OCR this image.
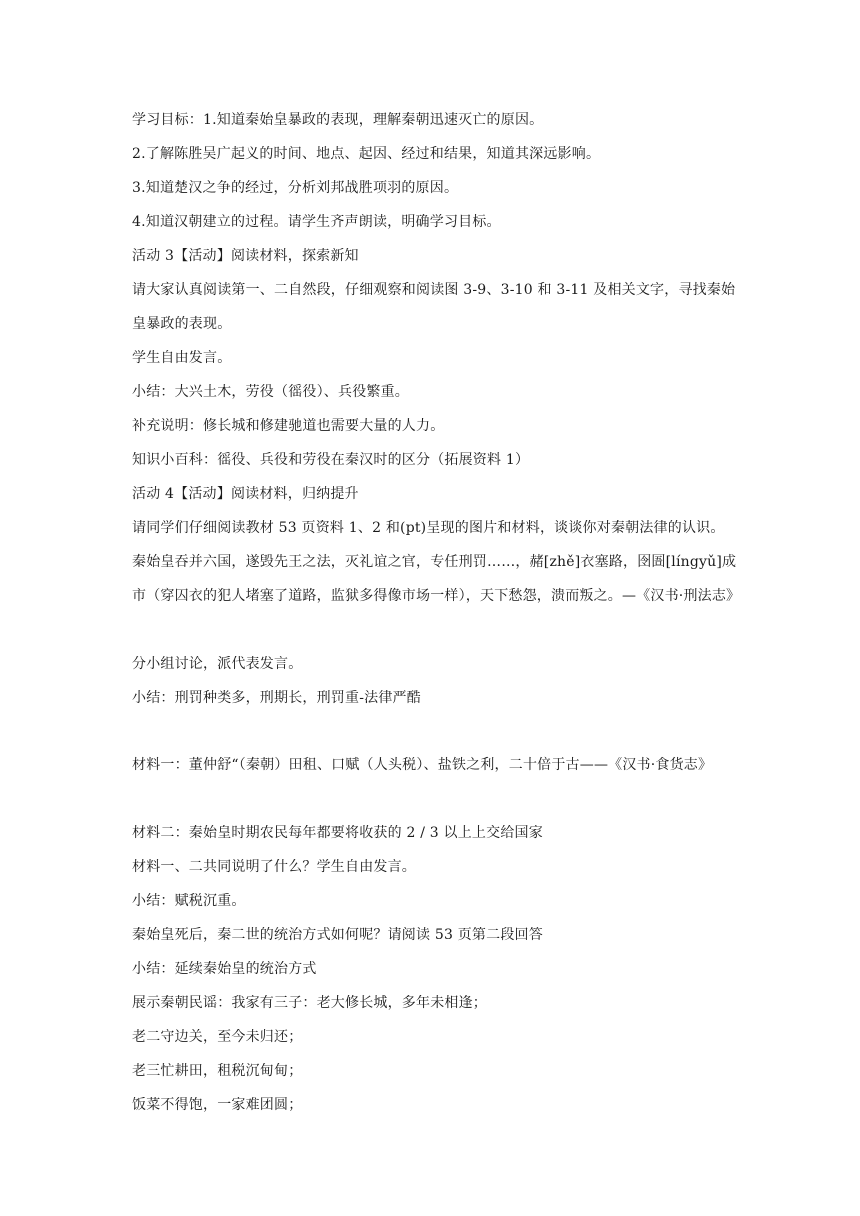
学习目标：1.知道秦始皇暴政的表现，理解秦朝迅速灭亡的原因。
2.了解陈胜吴广起义的时间、地点、起因、经过和结果，知道其深远影响。
3.知道楚汉之争的经过，分析刘邦战胜项羽的原因。
4.知道汉朝建立的过程。请学生齐声朗读，明确学习目标。
活动 3【活动】阅读材料，探索新知
请大家认真阅读第一、二自然段，仔细观察和阅读图 3-9、3-10 和 3-11 及相关文字，寻找秦始皇暴政的表现。
学生自由发言。
小结：大兴土木，劳役（徭役）、兵役繁重。
补充说明：修长城和修建驰道也需要大量的人力。
知识小百科：徭役、兵役和劳役在秦汉时的区分（拓展资料 1）
活动 4【活动】阅读材料，归纳提升
请同学们仔细阅读教材 53 页资料 1、2 和(pt)呈现的图片和材料，谈谈你对秦朝法律的认识。
秦始皇吞并六国，遂毁先王之法，灭礼谊之官，专任刑罚……，赭[zhě]衣塞路，囹圄[língyǔ]成市（穿囚衣的犯人堵塞了道路，监狱多得像市场一样），天下愁怨，溃而叛之。—《汉书·刑法志》
分小组讨论，派代表发言。
小结：刑罚种类多，刑期长，刑罚重-法律严酷
材料一：董仲舒“（秦朝）田租、口赋（人头税）、盐铁之利，二十倍于古——《汉书·食货志》
材料二：秦始皇时期农民每年都要将收获的 2 / 3 以上上交给国家
材料一、二共同说明了什么？学生自由发言。
小结：赋税沉重。
秦始皇死后，秦二世的统治方式如何呢？请阅读 53 页第二段回答
小结：延续秦始皇的统治方式
展示秦朝民谣：我家有三子：老大修长城，多年未相逢；
老二守边关，至今未归还；
老三忙耕田，租税沉甸甸；
饭菜不得饱，一家难团圆；
